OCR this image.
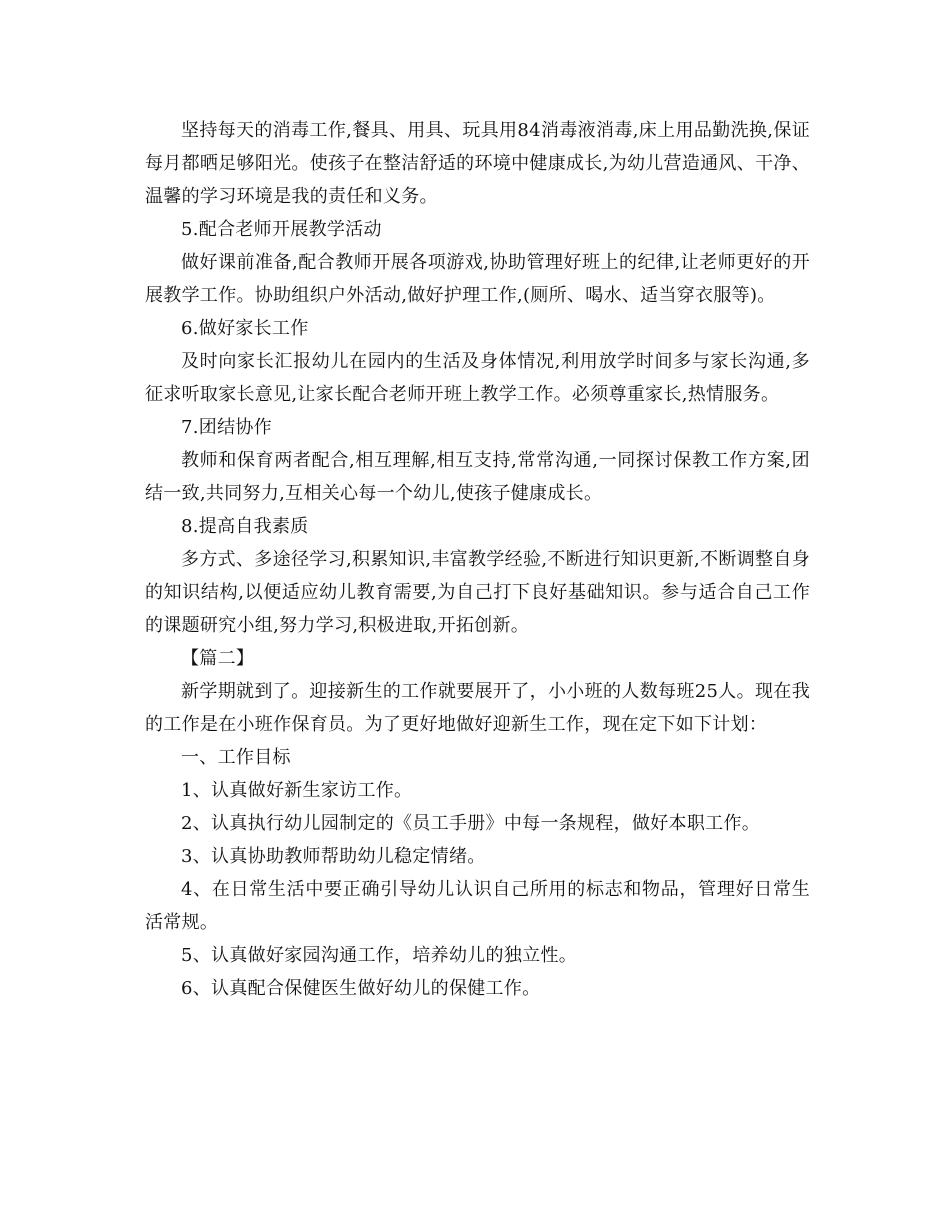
坚持每天的消毒工作,餐具、用具、玩具用84消毒液消毒,床上用品勤洗换,保证每月都晒足够阳光。使孩子在整洁舒适的环境中健康成长,为幼儿营造通风、干净、温馨的学习环境是我的责任和义务。

5.配合老师开展教学活动

做好课前准备,配合教师开展各项游戏,协助管理好班上的纪律,让老师更好的开展教学工作。协助组织户外活动,做好护理工作,(厕所、喝水、适当穿衣服等)。

6.做好家长工作

及时向家长汇报幼儿在园内的生活及身体情况,利用放学时间多与家长沟通,多征求听取家长意见,让家长配合老师开班上教学工作。必须尊重家长,热情服务。

7.团结协作

教师和保育两者配合,相互理解,相互支持,常常沟通,一同探讨保教工作方案,团结一致,共同努力,互相关心每一个幼儿,使孩子健康成长。

8.提高自我素质

多方式、多途径学习,积累知识,丰富教学经验,不断进行知识更新,不断调整自身的知识结构,以便适应幼儿教育需要,为自己打下良好基础知识。参与适合自己工作的课题研究小组,努力学习,积极进取,开拓创新。

【篇二】

新学期就到了。迎接新生的工作就要展开了，小小班的人数每班25人。现在我的工作是在小班作保育员。为了更好地做好迎新生工作，现在定下如下计划：

一、工作目标

1、认真做好新生家访工作。

2、认真执行幼儿园制定的《员工手册》中每一条规程，做好本职工作。

3、认真协助教师帮助幼儿稳定情绪。

4、在日常生活中要正确引导幼儿认识自己所用的标志和物品，管理好日常生活常规。

5、认真做好家园沟通工作，培养幼儿的独立性。

6、认真配合保健医生做好幼儿的保健工作。
